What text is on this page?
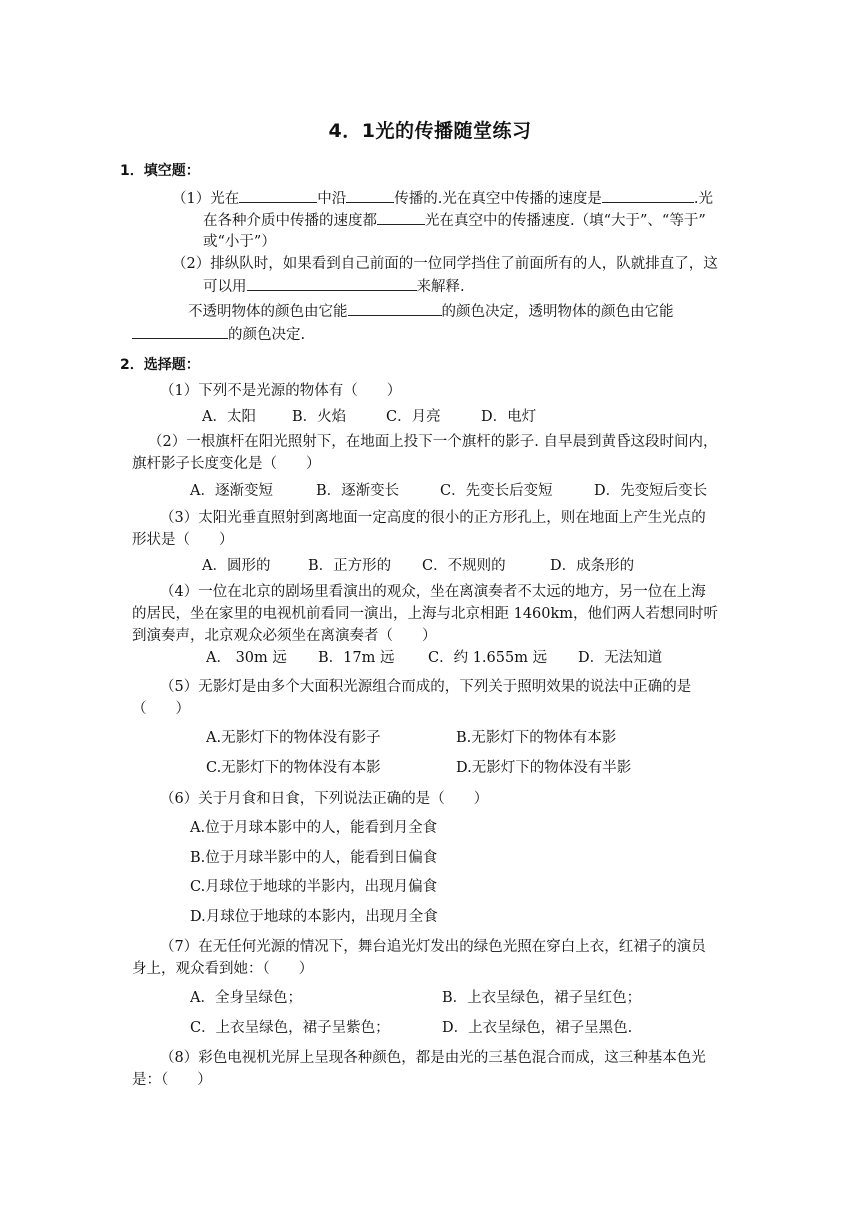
4．1光的传播随堂练习
1．填空题：
（1）光在	中沿	传播的.光在真空中传播的速度是	.光
在各种介质中传播的速度都	光在真空中的传播速度.（填“大于”、“等于”
或“小于”）
（2）排纵队时，如果看到自己前面的一位同学挡住了前面所有的人，队就排直了，这
可以用	来解释.
不透明物体的颜色由它能	的颜色决定，透明物体的颜色由它能
的颜色决定.
2．选择题：
（1）下列不是光源的物体有（　　）
A．太阳 B．火焰	C．月亮	D．电灯
（2）一根旗杆在阳光照射下，在地面上投下一个旗杆的影子. 自早晨到黄昏这段时间内，
旗杆影子长度变化是（　　）
A．逐渐变短	B．逐渐变长	C．先变长后变短	D．先变短后变长
（3）太阳光垂直照射到离地面一定高度的很小的正方形孔上，则在地面上产生光点的
形状是（　　）
A．圆形的	B．正方形的 C．不规则的	D．成条形的
（4）一位在北京的剧场里看演出的观众，坐在离演奏者不太远的地方，另一位在上海
的居民，坐在家里的电视机前看同一演出，上海与北京相距 1460km，他们两人若想同时听
到演奏声，北京观众必须坐在离演奏者（　　）
A． 30m 远 B．17m 远 C．约 1.655m 远 D．无法知道
（5）无影灯是由多个大面积光源组合而成的，下列关于照明效果的说法中正确的是
（　　）
A.无影灯下的物体没有影子	B.无影灯下的物体有本影
C.无影灯下的物体没有本影	D.无影灯下的物体没有半影
（6）关于月食和日食，下列说法正确的是（　　）
A.位于月球本影中的人，能看到月全食
B.位于月球半影中的人，能看到日偏食
C.月球位于地球的半影内，出现月偏食
D.月球位于地球的本影内，出现月全食
（7）在无任何光源的情况下，舞台追光灯发出的绿色光照在穿白上衣，红裙子的演员
身上，观众看到她：（　　）
A．全身呈绿色；	B．上衣呈绿色，裙子呈红色；
C．上衣呈绿色，裙子呈紫色；	D．上衣呈绿色，裙子呈黑色.
（8）彩色电视机光屏上呈现各种颜色，都是由光的三基色混合而成，这三种基本色光
是：（　　）
